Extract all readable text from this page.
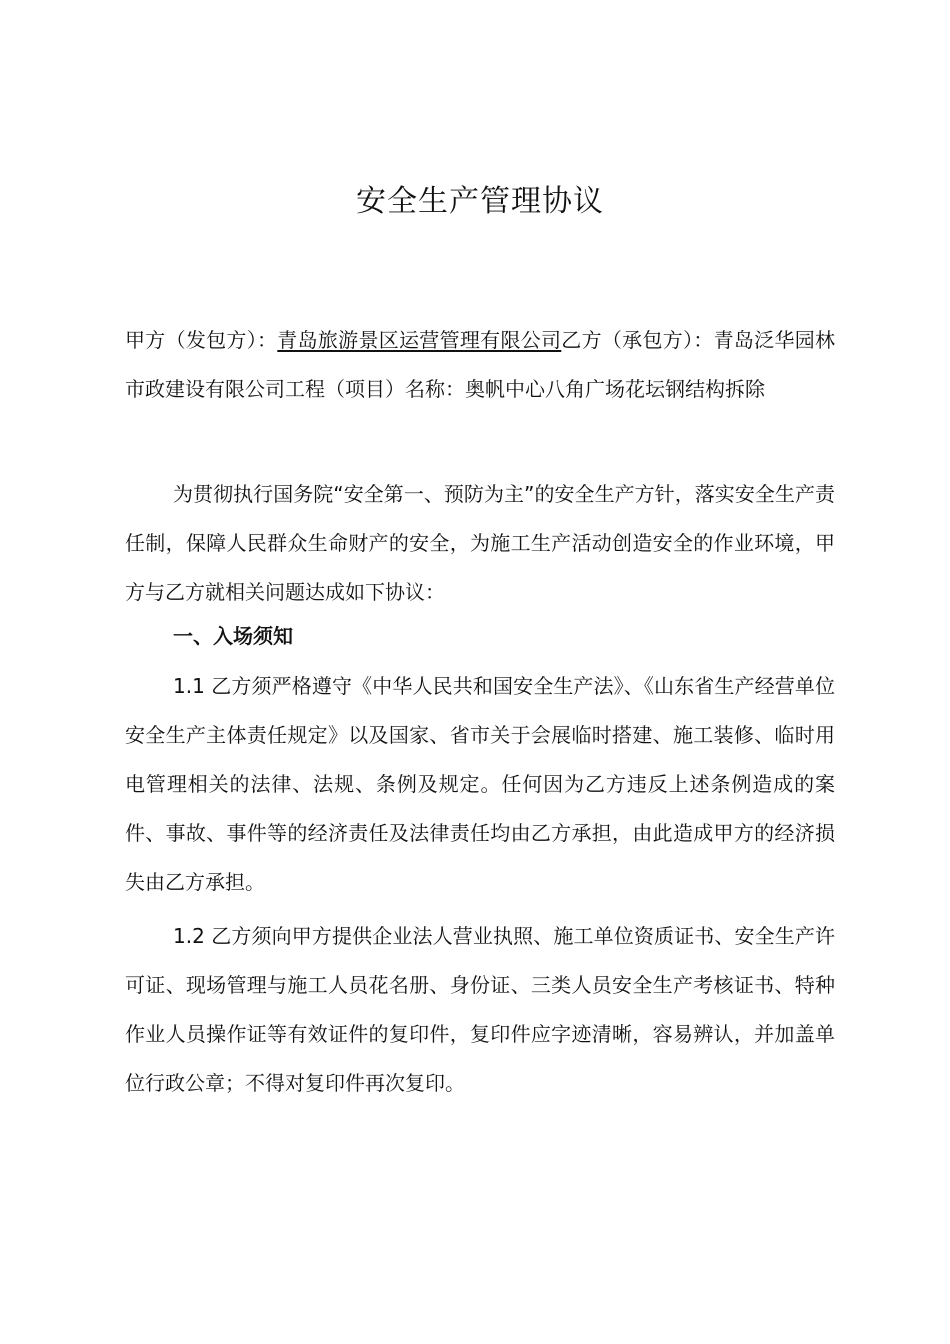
安全生产管理协议

甲方（发包方）：青岛旅游景区运营管理有限公司乙方（承包方）：青岛泛华园林市政建设有限公司工程（项目）名称：奥帆中心八角广场花坛钢结构拆除

为贯彻执行国务院“安全第一、预防为主”的安全生产方针，落实安全生产责任制，保障人民群众生命财产的安全，为施工生产活动创造安全的作业环境，甲方与乙方就相关问题达成如下协议：

一、入场须知

1.1 乙方须严格遵守《中华人民共和国安全生产法》、《山东省生产经营单位安全生产主体责任规定》以及国家、省市关于会展临时搭建、施工装修、临时用电管理相关的法律、法规、条例及规定。任何因为乙方违反上述条例造成的案件、事故、事件等的经济责任及法律责任均由乙方承担，由此造成甲方的经济损失由乙方承担。

1.2 乙方须向甲方提供企业法人营业执照、施工单位资质证书、安全生产许可证、现场管理与施工人员花名册、身份证、三类人员安全生产考核证书、特种作业人员操作证等有效证件的复印件，复印件应字迹清晰，容易辨认，并加盖单位行政公章；不得对复印件再次复印。
